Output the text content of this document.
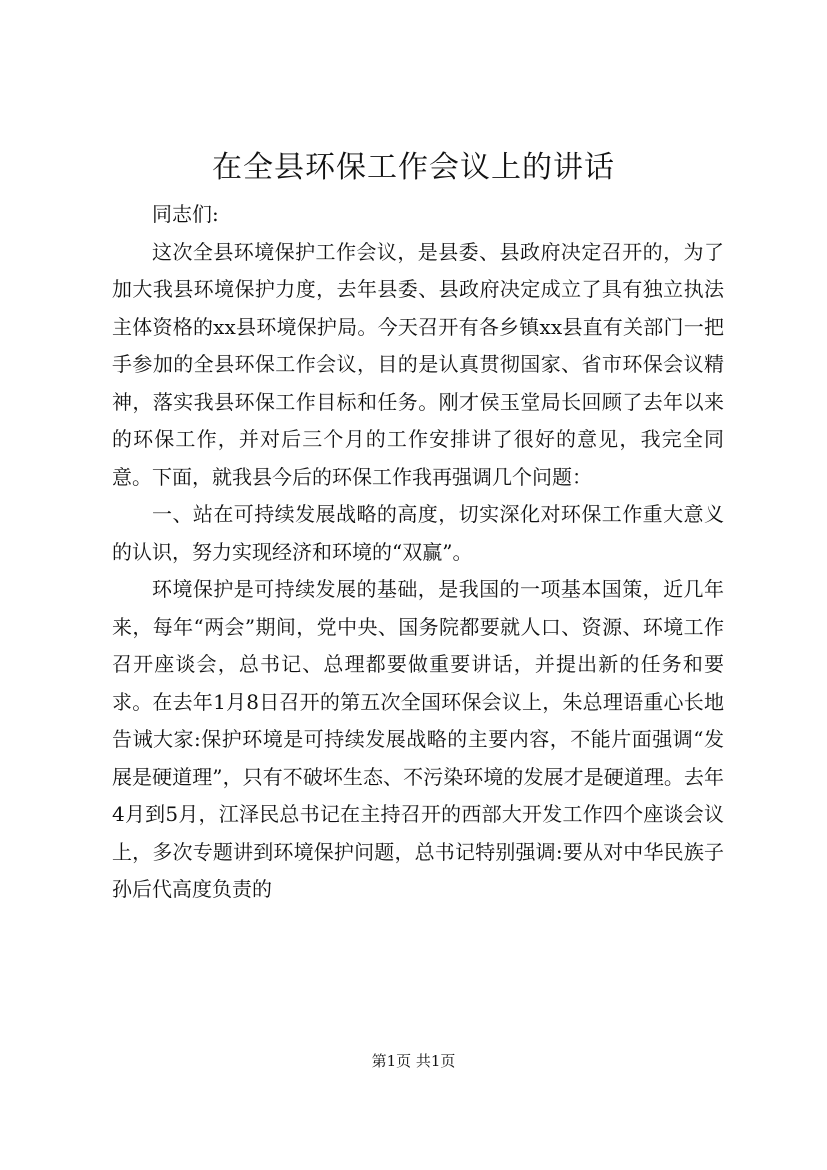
在全县环保工作会议上的讲话

同志们:

这次全县环境保护工作会议，是县委、县政府决定召开的，为了加大我县环境保护力度，去年县委、县政府决定成立了具有独立执法主体资格的xx县环境保护局。今天召开有各乡镇xx县直有关部门一把手参加的全县环保工作会议，目的是认真贯彻国家、省市环保会议精神，落实我县环保工作目标和任务。刚才侯玉堂局长回顾了去年以来的环保工作，并对后三个月的工作安排讲了很好的意见，我完全同意。下面，就我县今后的环保工作我再强调几个问题：

一、站在可持续发展战略的高度，切实深化对环保工作重大意义的认识，努力实现经济和环境的“双赢”。

环境保护是可持续发展的基础，是我国的一项基本国策，近几年来，每年“两会”期间，党中央、国务院都要就人口、资源、环境工作召开座谈会，总书记、总理都要做重要讲话，并提出新的任务和要求。在去年1月8日召开的第五次全国环保会议上，朱总理语重心长地告诫大家:保护环境是可持续发展战略的主要内容，不能片面强调“发展是硬道理”，只有不破坏生态、不污染环境的发展才是硬道理。去年4月到5月，江泽民总书记在主持召开的西部大开发工作四个座谈会议上，多次专题讲到环境保护问题，总书记特别强调:要从对中华民族子孙后代高度负责的

第1页 共1页
